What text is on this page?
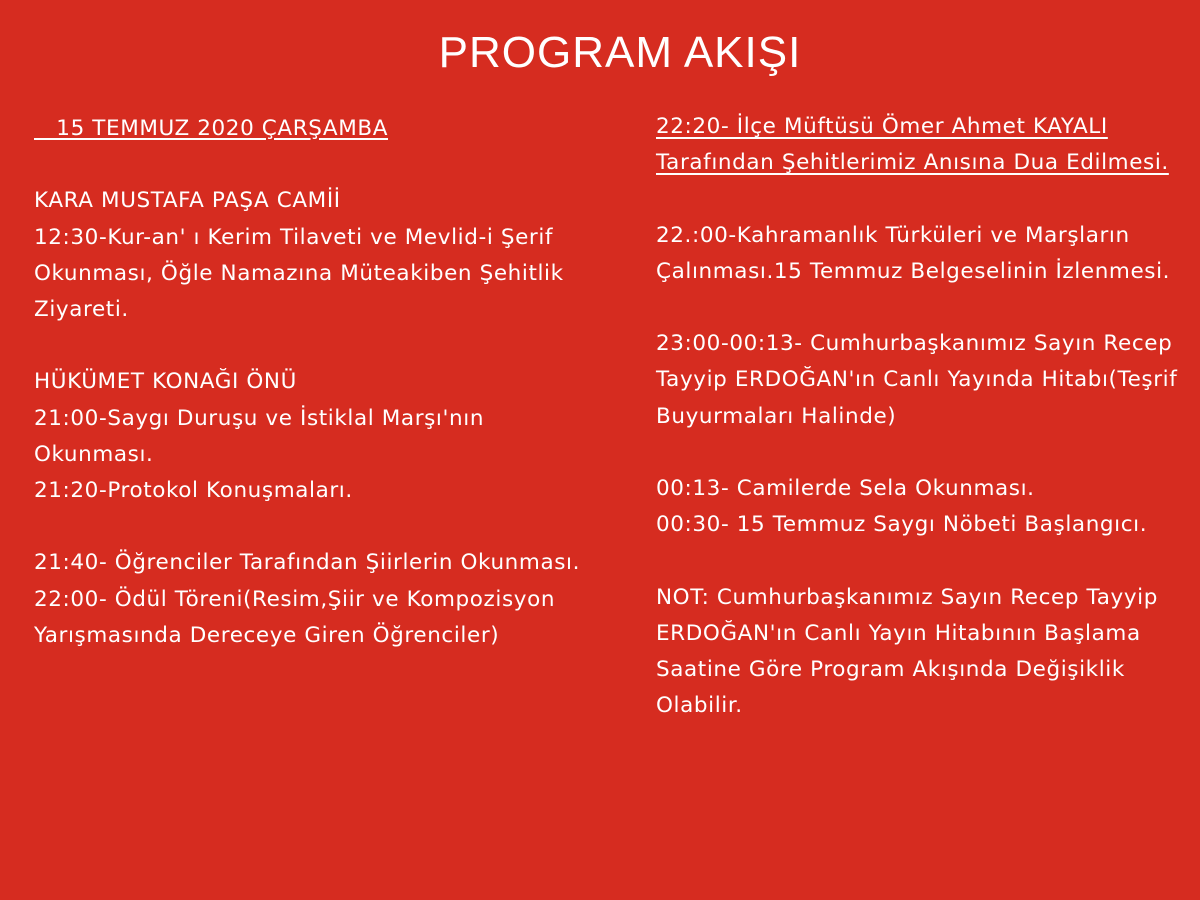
PROGRAM AKIŞI
15 TEMMUZ 2020 ÇARŞAMBA
KARA MUSTAFA PAŞA CAMİİ
12:30-Kur-an' ı Kerim Tilaveti ve Mevlid-i Şerif Okunması, Öğle Namazına Müteakiben Şehitlik Ziyareti.
HÜKÜMET KONAĞI ÖNÜ
21:00-Saygı Duruşu ve İstiklal Marşı'nın Okunması.
21:20-Protokol Konuşmaları.
21:40- Öğrenciler Tarafından Şiirlerin Okunması.
22:00- Ödül Töreni(Resim,Şiir ve Kompozisyon Yarışmasında Dereceye Giren Öğrenciler)
22:20- İlçe Müftüsü Ömer Ahmet KAYALI Tarafından Şehitlerimiz Anısına Dua Edilmesi.
22.:00-Kahramanlık Türküleri ve Marşların Çalınması.15 Temmuz Belgeselinin İzlenmesi.
23:00-00:13- Cumhurbaşkanımız Sayın Recep Tayyip ERDOĞAN'ın Canlı Yayında Hitabı(Teşrif Buyurmaları Halinde)
00:13- Camilerde Sela Okunması.
00:30- 15 Temmuz Saygı Nöbeti Başlangıcı.
NOT: Cumhurbaşkanımız Sayın Recep Tayyip ERDOĞAN'ın Canlı Yayın Hitabının Başlama Saatine Göre Program Akışında Değişiklik Olabilir.
